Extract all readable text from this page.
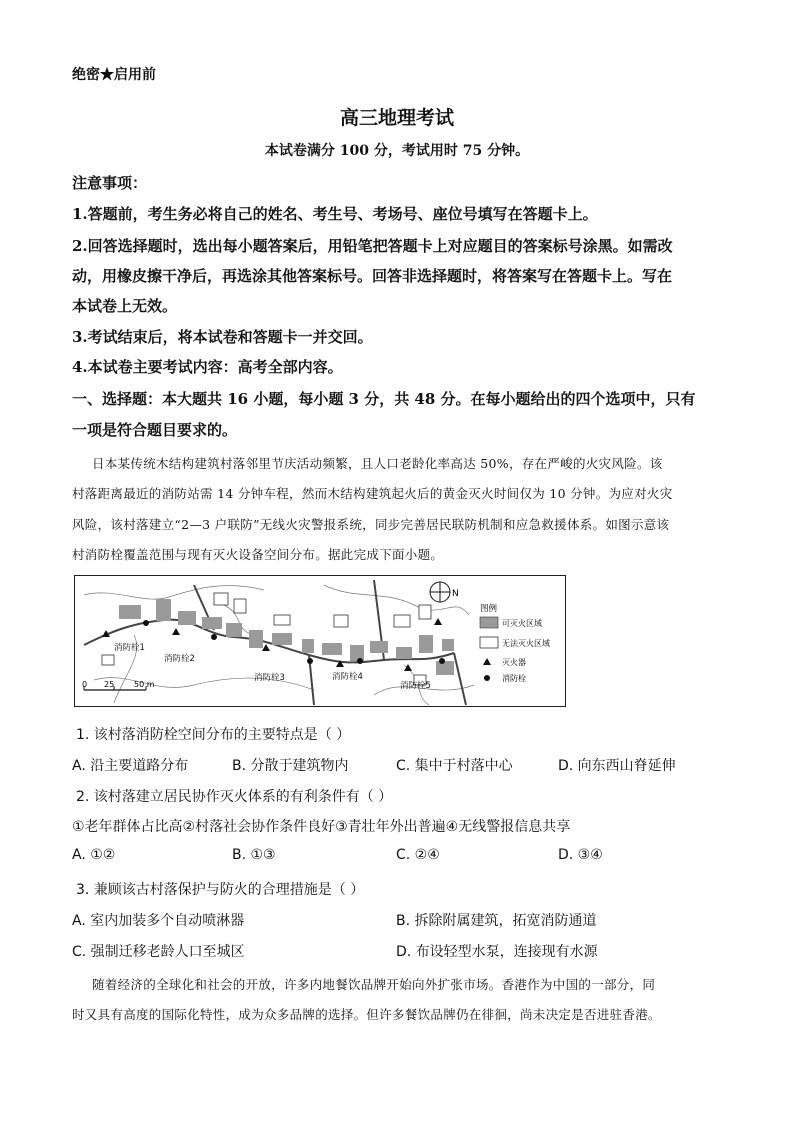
绝密★启用前
高三地理考试
本试卷满分 100 分，考试用时 75 分钟。
注意事项：
1.答题前，考生务必将自己的姓名、考生号、考场号、座位号填写在答题卡上。
2.回答选择题时，选出每小题答案后，用铅笔把答题卡上对应题目的答案标号涂黑。如需改
动，用橡皮擦干净后，再选涂其他答案标号。回答非选择题时，将答案写在答题卡上。写在
本试卷上无效。
3.考试结束后，将本试卷和答题卡一并交回。
4.本试卷主要考试内容：高考全部内容。
一、选择题：本大题共 16 小题，每小题 3 分，共 48 分。在每小题给出的四个选项中，只有
一项是符合题目要求的。
日本某传统木结构建筑村落邻里节庆活动频繁，且人口老龄化率高达 50%，存在严峻的火灾风险。该
村落距离最近的消防站需 14 分钟车程，然而木结构建筑起火后的黄金灭火时间仅为 10 分钟。为应对火灾
风险，该村落建立“2—3 户联防”无线火灾警报系统，同步完善居民联防机制和应急救援体系。如图示意该
村消防栓覆盖范围与现有灭火设备空间分布。据此完成下面小题。
消防栓1
消防栓2
消防栓3	消防栓4
消防栓5
0 25 50 m
N
图例
可灭火区域
无法灭火区域
灭火器
消防栓
1. 该村落消防栓空间分布的主要特点是（ ）
A. 沿主要道路分布	B. 分散于建筑物内	C. 集中于村落中心	D. 向东西山脊延伸
2. 该村落建立居民协作灭火体系的有利条件有（ ）
①老年群体占比高②村落社会协作条件良好③青壮年外出普遍④无线警报信息共享
A. ①②	B. ①③	C. ②④	D. ③④
3. 兼顾该古村落保护与防火的合理措施是（ ）
A. 室内加装多个自动喷淋器	B. 拆除附属建筑，拓宽消防通道
C. 强制迁移老龄人口至城区	D. 布设轻型水泵，连接现有水源
随着经济的全球化和社会的开放，许多内地餐饮品牌开始向外扩张市场。香港作为中国的一部分，同
时又具有高度的国际化特性，成为众多品牌的选择。但许多餐饮品牌仍在徘徊，尚未决定是否进驻香港。
